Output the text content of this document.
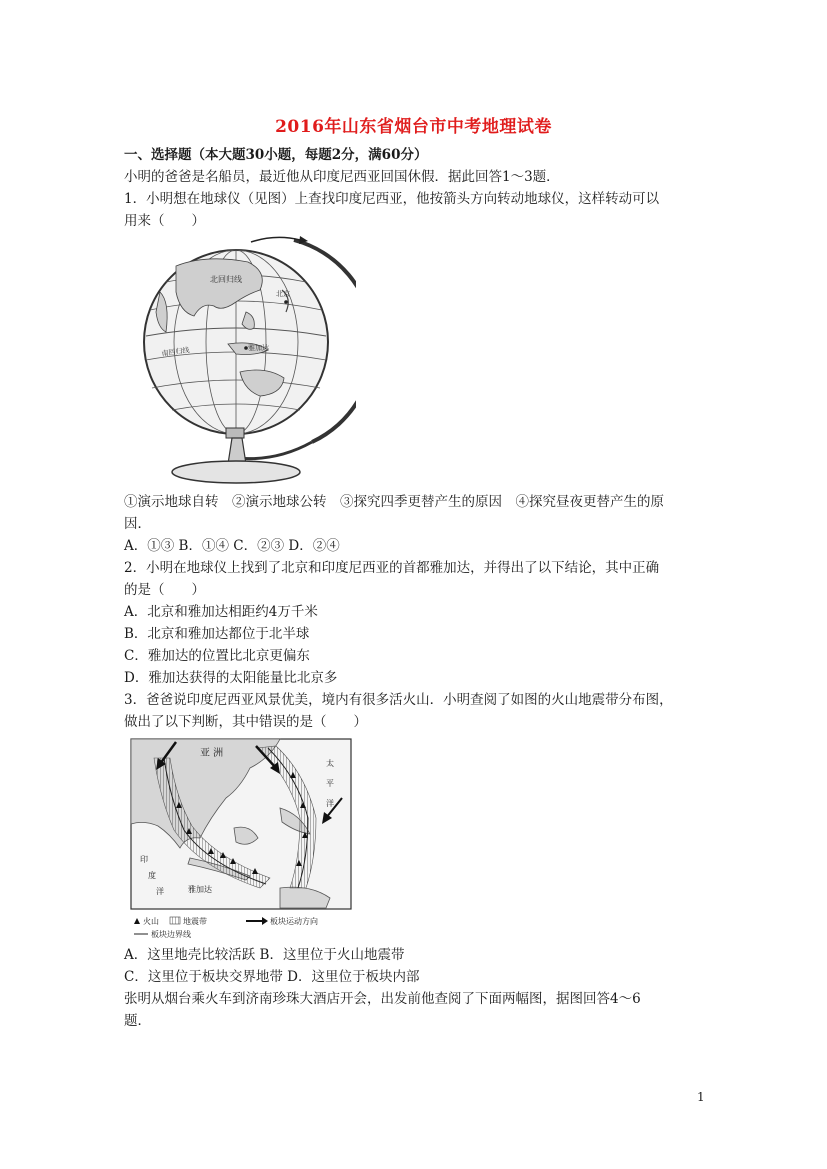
2016年山东省烟台市中考地理试卷
一、选择题（本大题30小题，每题2分，满60分）
小明的爸爸是名船员，最近他从印度尼西亚回国休假．据此回答1～3题．
1．小明想在地球仪（见图）上查找印度尼西亚，他按箭头方向转动地球仪，这样转动可以
用来（　　）
北京
北回归线
雅加达
南回归线
①演示地球自转　②演示地球公转　③探究四季更替产生的原因　④探究昼夜更替产生的原
因．
A．①③ B．①④ C．②③ D．②④
2．小明在地球仪上找到了北京和印度尼西亚的首都雅加达，并得出了以下结论，其中正确
的是（　　）
A．北京和雅加达相距约4万千米
B．北京和雅加达都位于北半球
C．雅加达的位置比北京更偏东
D．雅加达获得的太阳能量比北京多
3．爸爸说印度尼西亚风景优美，境内有很多活火山．小明查阅了如图的火山地震带分布图，
做出了以下判断，其中错误的是（　　）
亚 洲
太
平
洋
印
度
洋	雅加达
火山	地震带	板块运动方向
板块边界线
A．这里地壳比较活跃 B．这里位于火山地震带
C．这里位于板块交界地带 D．这里位于板块内部
张明从烟台乘火车到济南珍珠大酒店开会，出发前他查阅了下面两幅图，据图回答4～6
题．
1
